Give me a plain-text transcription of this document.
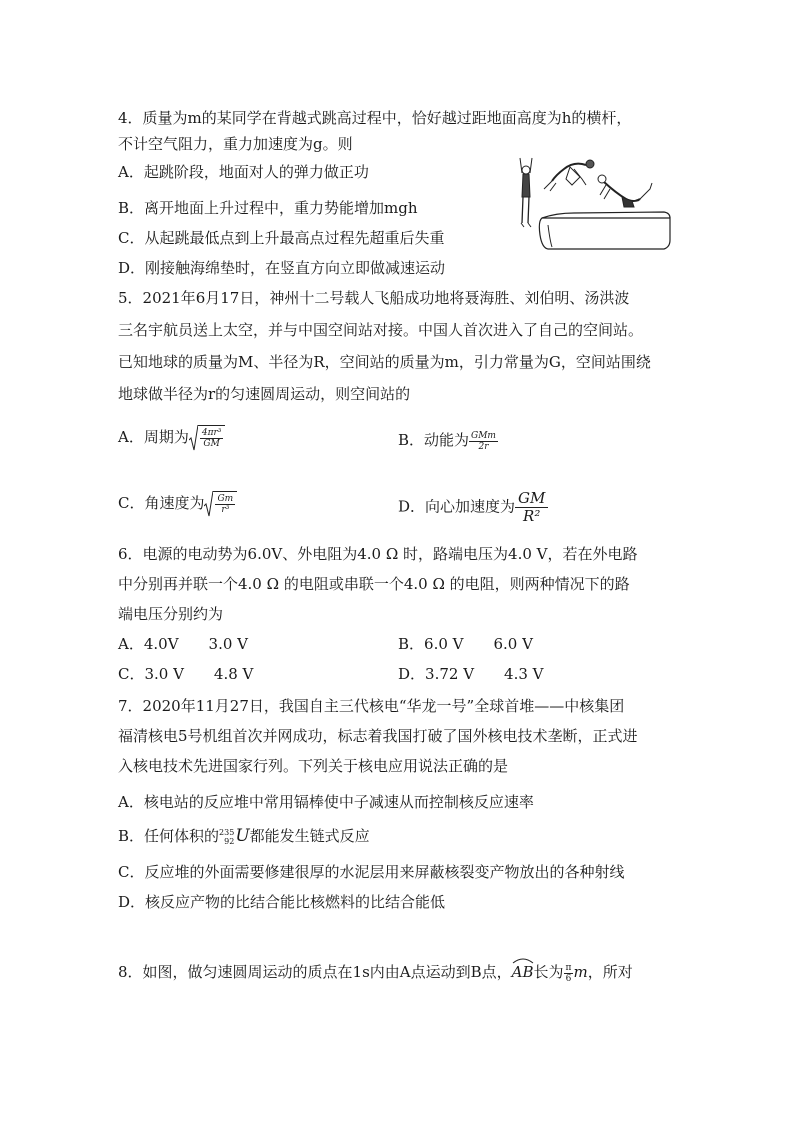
4．质量为m的某同学在背越式跳高过程中，恰好越过距地面高度为h的横杆，
不计空气阻力，重力加速度为g。则
A．起跳阶段，地面对人的弹力做正功
B．离开地面上升过程中，重力势能增加mgh
C．从起跳最低点到上升最高点过程先超重后失重
D．刚接触海绵垫时，在竖直方向立即做减速运动
5．2021年6月17日，神州十二号载人飞船成功地将聂海胜、刘伯明、汤洪波
三名宇航员送上太空，并与中国空间站对接。中国人首次进入了自己的空间站。
已知地球的质量为M、半径为R，空间站的质量为m，引力常量为G，空间站围绕
地球做半径为r的匀速圆周运动，则空间站的
A．周期为 $\frac{\text{4πr³}}{GM}$	B．动能为 $\frac{\text{GMm}}{2r}$
C．角速度为 $\frac{Gm}{\text{r³}}$	D．向心加速度为 $\frac{GM}{\text{R²}}$
6．电源的电动势为6.0V、外电阻为4.0 Ω 时，路端电压为4.0 V，若在外电路
中分别再并联一个4.0 Ω 的电阻或串联一个4.0 Ω 的电阻，则两种情况下的路
端电压分别约为
A．4.0V　　3.0 V	B．6.0 V　　6.0 V
C．3.0 V　　4.8 V	D．3.72 V　　4.3 V
7．2020年11月27日，我国自主三代核电“华龙一号”全球首堆——中核集团
福清核电5号机组首次并网成功，标志着我国打破了国外核电技术垄断，正式进
入核电技术先进国家行列。下列关于核电应用说法正确的是
A．核电站的反应堆中常用镉棒使中子减速从而控制核反应速率
B．任何体积的 235
92 U都能发生链式反应
C．反应堆的外面需要修建很厚的水泥层用来屏蔽核裂变产物放出的各种射线
D．核反应产物的比结合能比核燃料的比结合能低
8．如图，做匀速圆周运动的质点在1s内由A点运动到B点，
AB长为 $\frac{\pi}{6}$ m，所对
